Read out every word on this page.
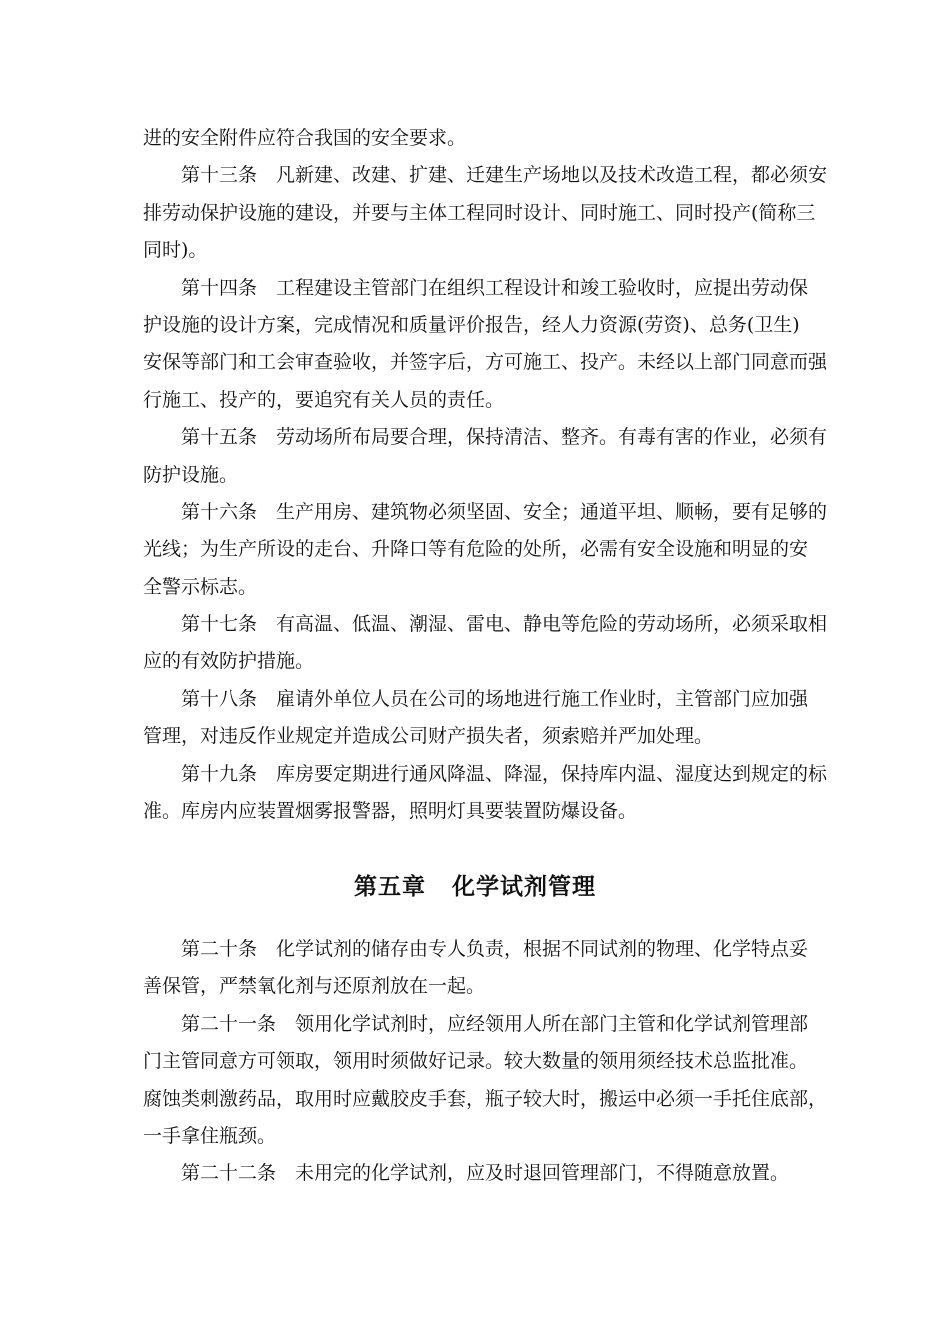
进的安全附件应符合我国的安全要求。
第十三条 凡新建、改建、扩建、迁建生产场地以及技术改造工程，都必须安
排劳动保护设施的建设，并要与主体工程同时设计、同时施工、同时投产(简称三
同时)。
第十四条 工程建设主管部门在组织工程设计和竣工验收时，应提出劳动保
护设施的设计方案，完成情况和质量评价报告，经人力资源(劳资)、总务(卫生)
安保等部门和工会审查验收，并签字后，方可施工、投产。未经以上部门同意而强
行施工、投产的，要追究有关人员的责任。
第十五条 劳动场所布局要合理，保持清洁、整齐。有毒有害的作业，必须有
防护设施。
第十六条 生产用房、建筑物必须坚固、安全；通道平坦、顺畅，要有足够的
光线；为生产所设的走台、升降口等有危险的处所，必需有安全设施和明显的安
全警示标志。
第十七条 有高温、低温、潮湿、雷电、静电等危险的劳动场所，必须采取相
应的有效防护措施。
第十八条 雇请外单位人员在公司的场地进行施工作业时，主管部门应加强
管理，对违反作业规定并造成公司财产损失者，须索赔并严加处理。
第十九条 库房要定期进行通风降温、降湿，保持库内温、湿度达到规定的标
准。库房内应装置烟雾报警器，照明灯具要装置防爆设备。
第五章 化学试剂管理
第二十条 化学试剂的储存由专人负责，根据不同试剂的物理、化学特点妥
善保管，严禁氧化剂与还原剂放在一起。
第二十一条 领用化学试剂时，应经领用人所在部门主管和化学试剂管理部
门主管同意方可领取，领用时须做好记录。较大数量的领用须经技术总监批准。
腐蚀类刺激药品，取用时应戴胶皮手套，瓶子较大时，搬运中必须一手托住底部，
一手拿住瓶颈。
第二十二条 未用完的化学试剂，应及时退回管理部门，不得随意放置。
